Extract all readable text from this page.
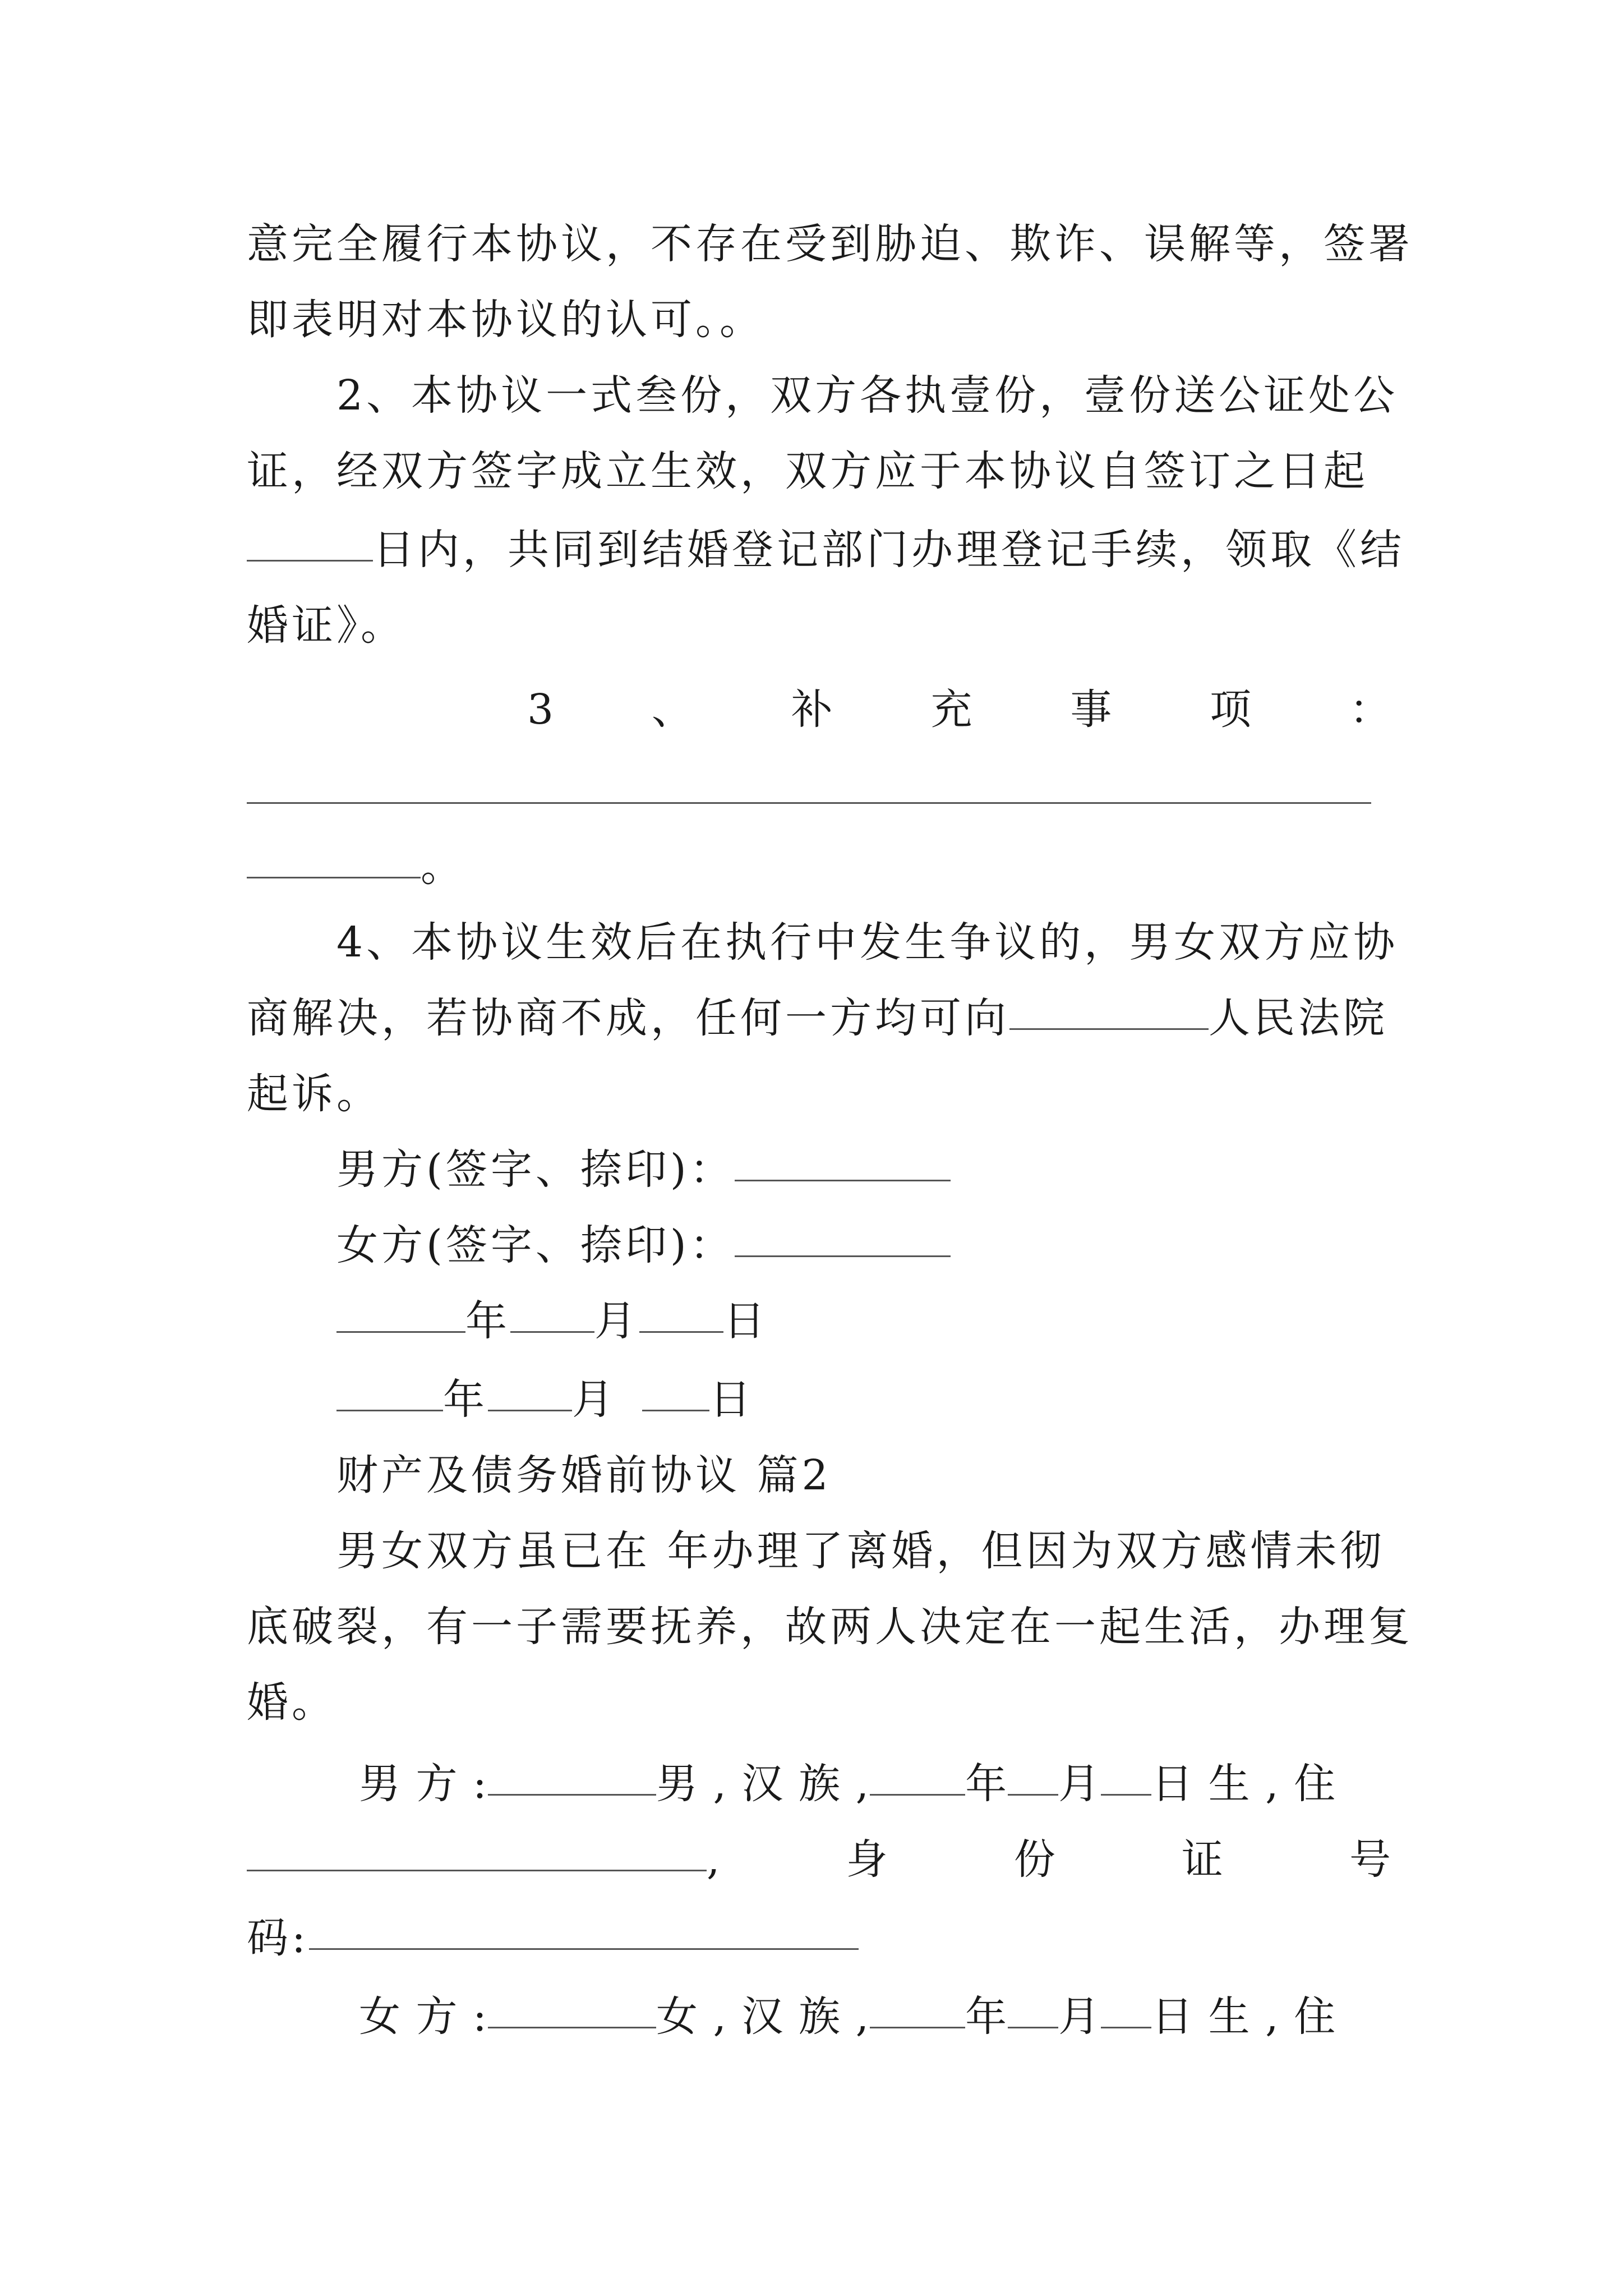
意完全履行本协议，不存在受到胁迫、欺诈、误解等，签署
即表明对本协议的认可。。
2、本协议一式叁份，双方各执壹份，壹份送公证处公
证，经双方签字成立生效，双方应于本协议自签订之日起
日内，共同到结婚登记部门办理登记手续，领取《结
婚证》。
3 、 补 充 事 项 ：
。
4、本协议生效后在执行中发生争议的，男女双方应协
商解决，若协商不成，任何一方均可向	人民法院
起诉。
男方(签字、捺印)：
女方(签字、捺印)：
年 月 日
年 月 日
财产及债务婚前协议 篇2
男女双方虽已在 年办理了离婚，但因为双方感情未彻
底破裂，有一子需要抚养，故两人决定在一起生活，办理复
婚。
男 方 :	男 , 汉 族 , 年 月 日 生 , 住
,	身	份	证	号
码:
女 方 :	女 , 汉 族 , 年 月 日 生 , 住
